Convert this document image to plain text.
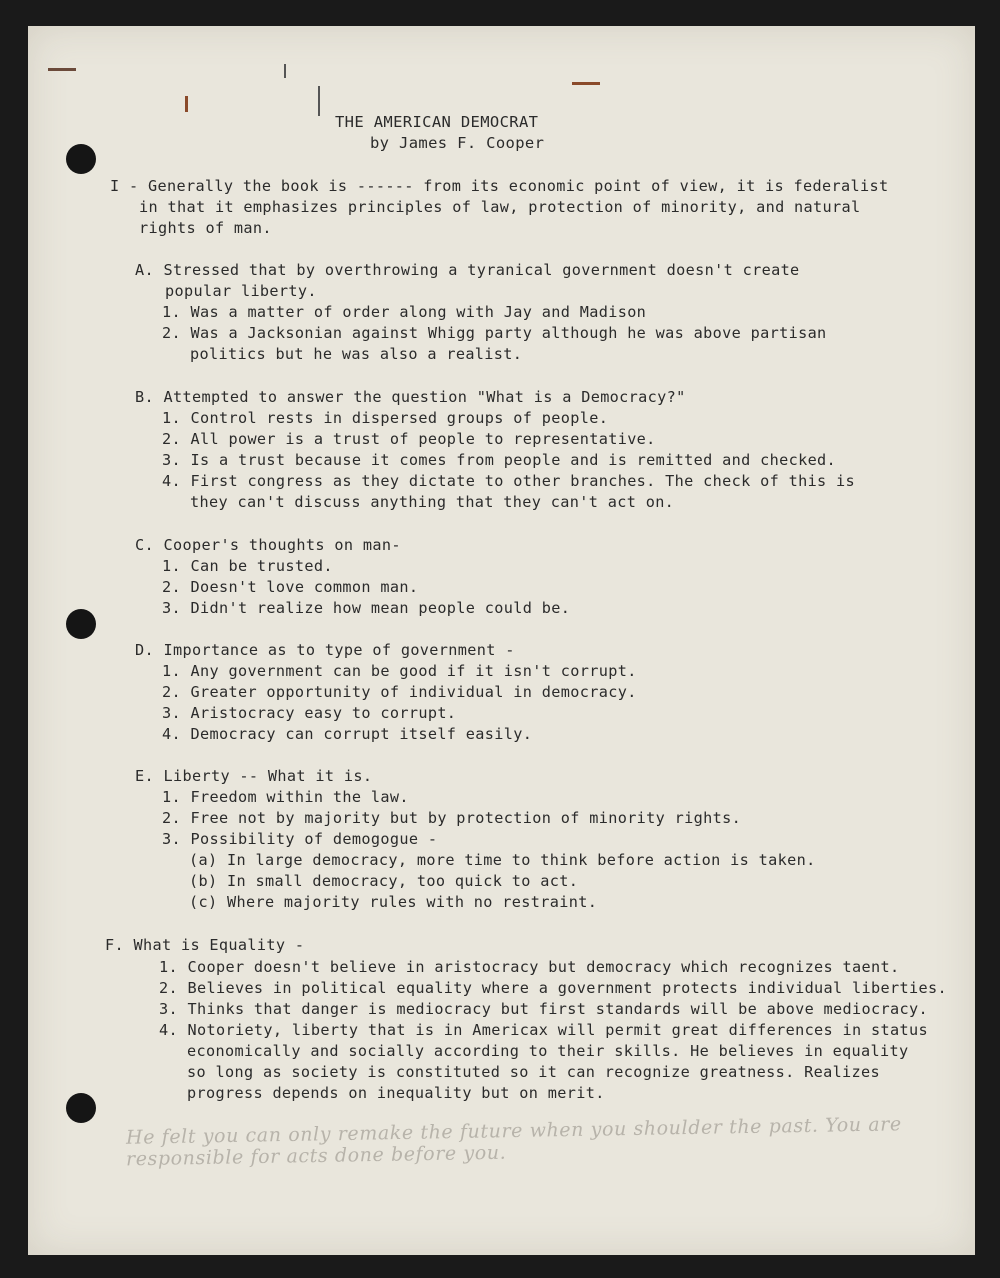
THE AMERICAN DEMOCRAT
by James F. Cooper
I - Generally the book is ------ from its economic point of view, it is federalist
in that it emphasizes principles of law, protection of minority, and natural
rights of man.
A. Stressed that by overthrowing a tyranical government doesn't create
popular liberty.
1. Was a matter of order along with Jay and Madison
2. Was a Jacksonian against Whigg party although he was above partisan
politics but he was also a realist.
B. Attempted to answer the question "What is a Democracy?"
1. Control rests in dispersed groups of people.
2. All power is a trust of people to representative.
3. Is a trust because it comes from people and is remitted and checked.
4. First congress as they dictate to other branches. The check of this is
they can't discuss anything that they can't act on.
C. Cooper's thoughts on man-
1. Can be trusted.
2. Doesn't love common man.
3. Didn't realize how mean people could be.
D. Importance as to type of government -
1. Any government can be good if it isn't corrupt.
2. Greater opportunity of individual in democracy.
3. Aristocracy easy to corrupt.
4. Democracy can corrupt itself easily.
E. Liberty -- What it is.
1. Freedom within the law.
2. Free not by majority but by protection of minority rights.
3. Possibility of demogogue -
(a) In large democracy, more time to think before action is taken.
(b) In small democracy, too quick to act.
(c) Where majority rules with no restraint.
F. What is Equality -
1. Cooper doesn't believe in aristocracy but democracy which recognizes taent.
2. Believes in political equality where a government protects individual liberties.
3. Thinks that danger is mediocracy but first standards will be above mediocracy.
4. Notoriety, liberty that is in Americax will permit great differences in status
economically and socially according to their skills. He believes in equality
so long as society is constituted so it can recognize greatness. Realizes
progress depends on inequality but on merit.
He felt you can only remake the future when you shoulder the past. You are
responsible for acts done before you.
